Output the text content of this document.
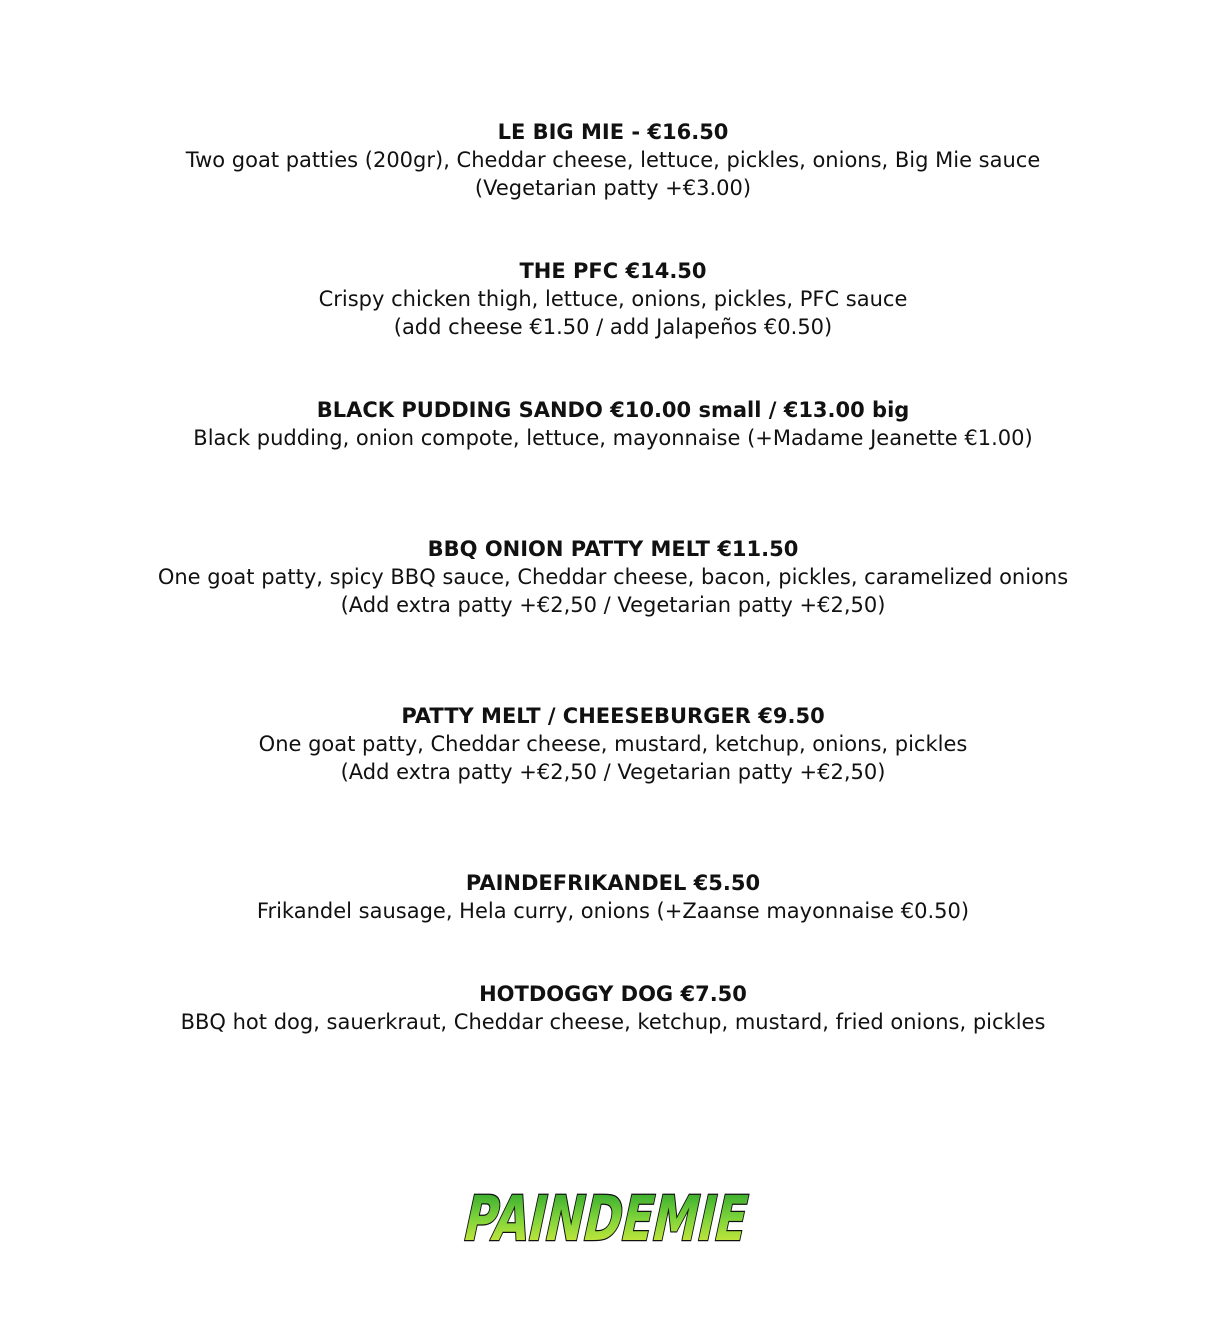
LE BIG MIE - €16.50
Two goat patties (200gr), Cheddar cheese, lettuce, pickles, onions, Big Mie sauce
(Vegetarian patty +€3.00)
THE PFC €14.50
Crispy chicken thigh, lettuce, onions, pickles, PFC sauce
(add cheese €1.50 / add Jalapeños €0.50)
BLACK PUDDING SANDO €10.00 small / €13.00 big
Black pudding, onion compote, lettuce, mayonnaise (+Madame Jeanette €1.00)
BBQ ONION PATTY MELT €11.50
One goat patty, spicy BBQ sauce, Cheddar cheese, bacon, pickles, caramelized onions
(Add extra patty +€2,50 / Vegetarian patty +€2,50)
PATTY MELT / CHEESEBURGER €9.50
One goat patty, Cheddar cheese, mustard, ketchup, onions, pickles
(Add extra patty +€2,50 / Vegetarian patty +€2,50)
PAINDEFRIKANDEL €5.50
Frikandel sausage, Hela curry, onions (+Zaanse mayonnaise €0.50)
HOTDOGGY DOG €7.50
BBQ hot dog, sauerkraut, Cheddar cheese, ketchup, mustard, fried onions, pickles
PAINDEMIE
